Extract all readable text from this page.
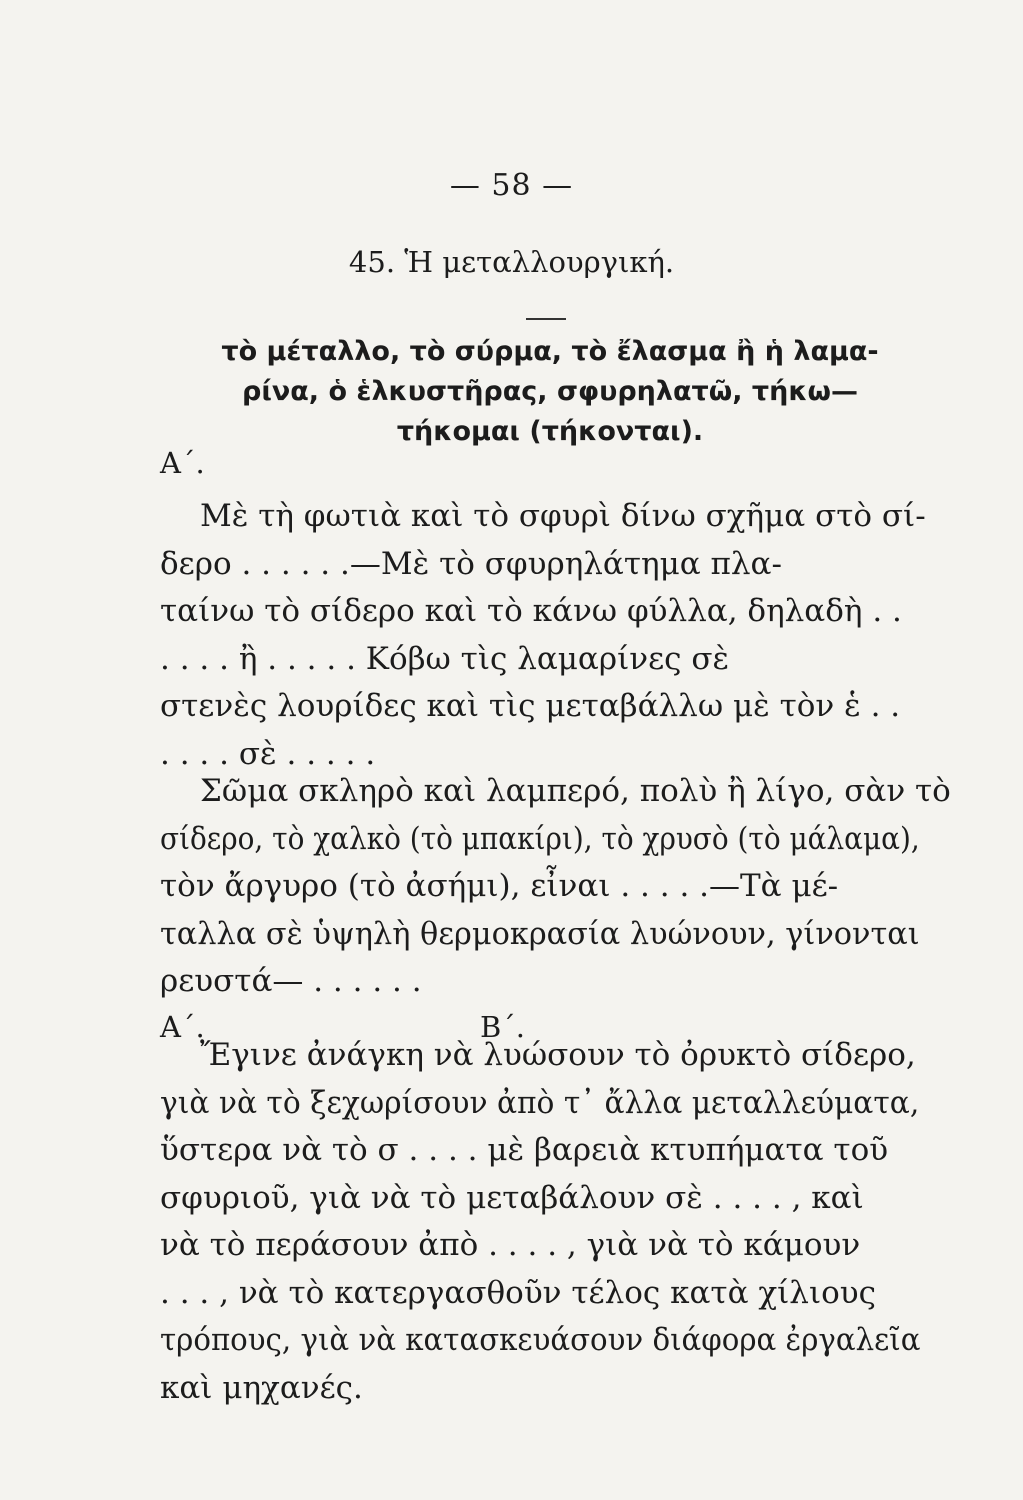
— 58 —
45. Ἡ μεταλλουργική.
τὸ μέταλλο, τὸ σύρμα, τὸ ἔλασμα ἢ ἡ λαμα-
ρίνα, ὁ ἑλκυστῆρας, σφυρηλατῶ, τήκω—
τήκομαι (τήκονται).
Α΄.
Μὲ τὴ φωτιὰ καὶ τὸ σφυρὶ δίνω σχῆμα στὸ σί-
δερο . . . . . .—Μὲ τὸ σφυρηλάτημα πλα-
ταίνω τὸ σίδερο καὶ τὸ κάνω φύλλα, δηλαδὴ . .
. . . . ἢ . . . . . Κόβω τὶς λαμαρίνες σὲ
στενὲς λουρίδες καὶ τὶς μεταβάλλω μὲ τὸν ἑ . .
. . . . σὲ . . . . .
Σῶμα σκληρὸ καὶ λαμπερό, πολὺ ἢ λίγο, σὰν τὸ
σίδερο, τὸ χαλκὸ (τὸ μπακίρι), τὸ χρυσὸ (τὸ μάλαμα),
τὸν ἄργυρο (τὸ ἀσήμι), εἶναι . . . . .—Τὰ μέ-
ταλλα σὲ ὑψηλὴ θερμοκρασία λυώνουν, γίνονται
ρευστά— . . . . . .
Α΄.	Β΄.
Ἔγινε ἀνάγκη νὰ λυώσουν τὸ ὀρυκτὸ σίδερο,
γιὰ νὰ τὸ ξεχωρίσουν ἀπὸ τ᾽ ἄλλα μεταλλεύματα,
ὕστερα νὰ τὸ σ . . . . μὲ βαρειὰ κτυπήματα τοῦ
σφυριοῦ, γιὰ νὰ τὸ μεταβάλουν σὲ . . . . , καὶ
νὰ τὸ περάσουν ἀπὸ . . . . , γιὰ νὰ τὸ κάμουν
. . . , νὰ τὸ κατεργασθοῦν τέλος κατὰ χίλιους
τρόπους, γιὰ νὰ κατασκευάσουν διάφορα ἐργαλεῖα
καὶ μηχανές.
